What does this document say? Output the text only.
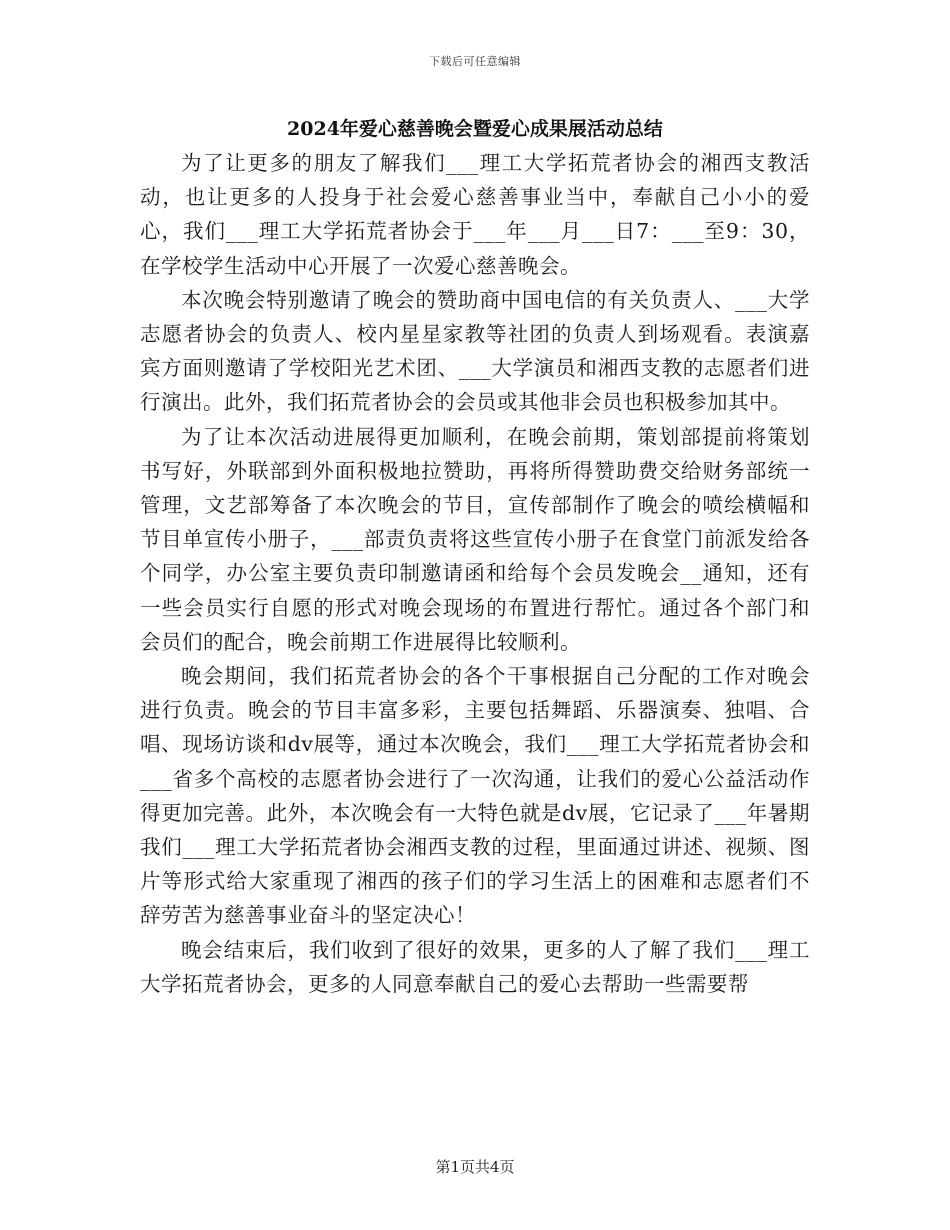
下载后可任意编辑
2024年爱心慈善晚会暨爱心成果展活动总结

为了让更多的朋友了解我们___理工大学拓荒者协会的湘西支教活动，也让更多的人投身于社会爱心慈善事业当中，奉献自己小小的爱心，我们___理工大学拓荒者协会于___年___月___日7：___至9：30，在学校学生活动中心开展了一次爱心慈善晚会。

本次晚会特别邀请了晚会的赞助商中国电信的有关负责人、___大学志愿者协会的负责人、校内星星家教等社团的负责人到场观看。表演嘉宾方面则邀请了学校阳光艺术团、___大学演员和湘西支教的志愿者们进行演出。此外，我们拓荒者协会的会员或其他非会员也积极参加其中。

为了让本次活动进展得更加顺利，在晚会前期，策划部提前将策划书写好，外联部到外面积极地拉赞助，再将所得赞助费交给财务部统一管理，文艺部筹备了本次晚会的节目，宣传部制作了晚会的喷绘横幅和节目单宣传小册子，___部责负责将这些宣传小册子在食堂门前派发给各个同学，办公室主要负责印制邀请函和给每个会员发晚会__通知，还有一些会员实行自愿的形式对晚会现场的布置进行帮忙。通过各个部门和会员们的配合，晚会前期工作进展得比较顺利。

晚会期间，我们拓荒者协会的各个干事根据自己分配的工作对晚会进行负责。晚会的节目丰富多彩，主要包括舞蹈、乐器演奏、独唱、合唱、现场访谈和dv展等，通过本次晚会，我们___理工大学拓荒者协会和___省多个高校的志愿者协会进行了一次沟通，让我们的爱心公益活动作得更加完善。此外，本次晚会有一大特色就是dv展，它记录了___年暑期我们___理工大学拓荒者协会湘西支教的过程，里面通过讲述、视频、图片等形式给大家重现了湘西的孩子们的学习生活上的困难和志愿者们不辞劳苦为慈善事业奋斗的坚定决心！

晚会结束后，我们收到了很好的效果，更多的人了解了我们___理工大学拓荒者协会，更多的人同意奉献自己的爱心去帮助一些需要帮

第1页共4页
